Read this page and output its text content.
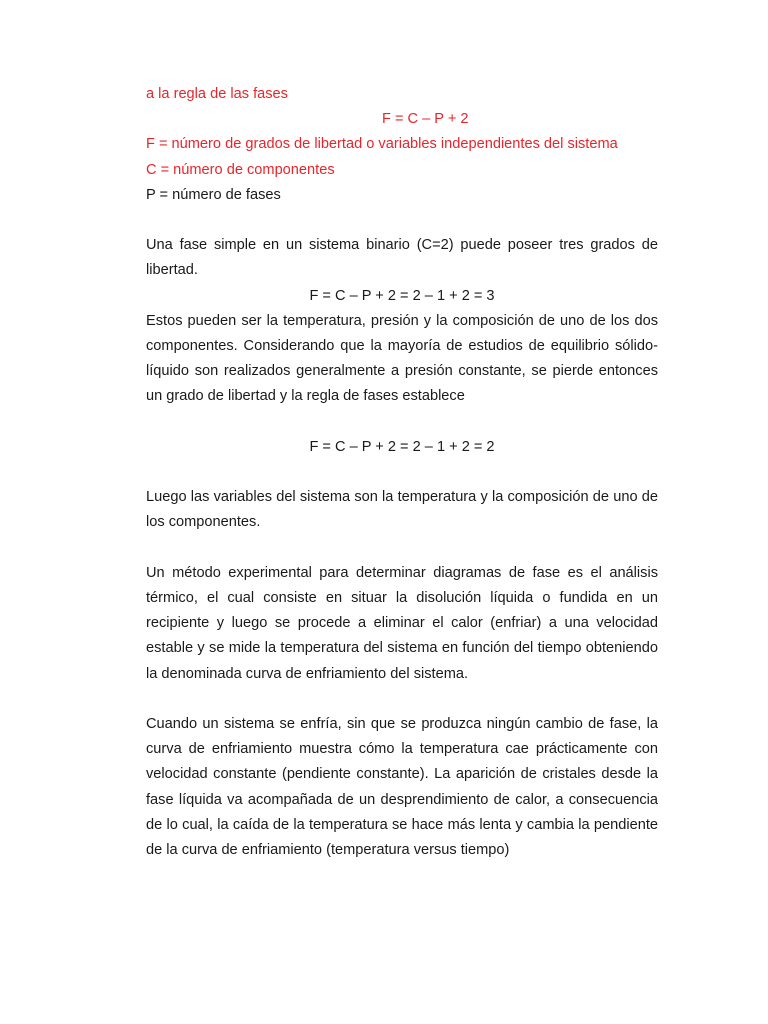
a la regla de las fases
F = C – P + 2
F = número de grados de libertad o variables independientes del sistema
C = número de componentes
P = número de fases

Una fase simple en un sistema binario (C=2) puede poseer tres grados de libertad.

F = C – P + 2 = 2 – 1 + 2 = 3

Estos pueden ser la temperatura, presión y la composición de uno de los dos componentes. Considerando que la mayoría de estudios de equilibrio sólido-líquido son realizados generalmente a presión constante, se pierde entonces un grado de libertad y la regla de fases establece

F = C – P + 2 = 2 – 1 + 2 = 2

Luego las variables del sistema son la temperatura y la composición de uno de los componentes.

Un método experimental para determinar diagramas de fase es el análisis térmico, el cual consiste en situar la disolución líquida o fundida en un recipiente y luego se procede a eliminar el calor (enfriar) a una velocidad estable y se mide la temperatura del sistema en función del tiempo obteniendo la denominada curva de enfriamiento del sistema.

Cuando un sistema se enfría, sin que se produzca ningún cambio de fase, la curva de enfriamiento muestra cómo la temperatura cae prácticamente con velocidad constante (pendiente constante). La aparición de cristales desde la fase líquida va acompañada de un desprendimiento de calor, a consecuencia de lo cual, la caída de la temperatura se hace más lenta y cambia la pendiente de la curva de enfriamiento (temperatura versus tiempo)
